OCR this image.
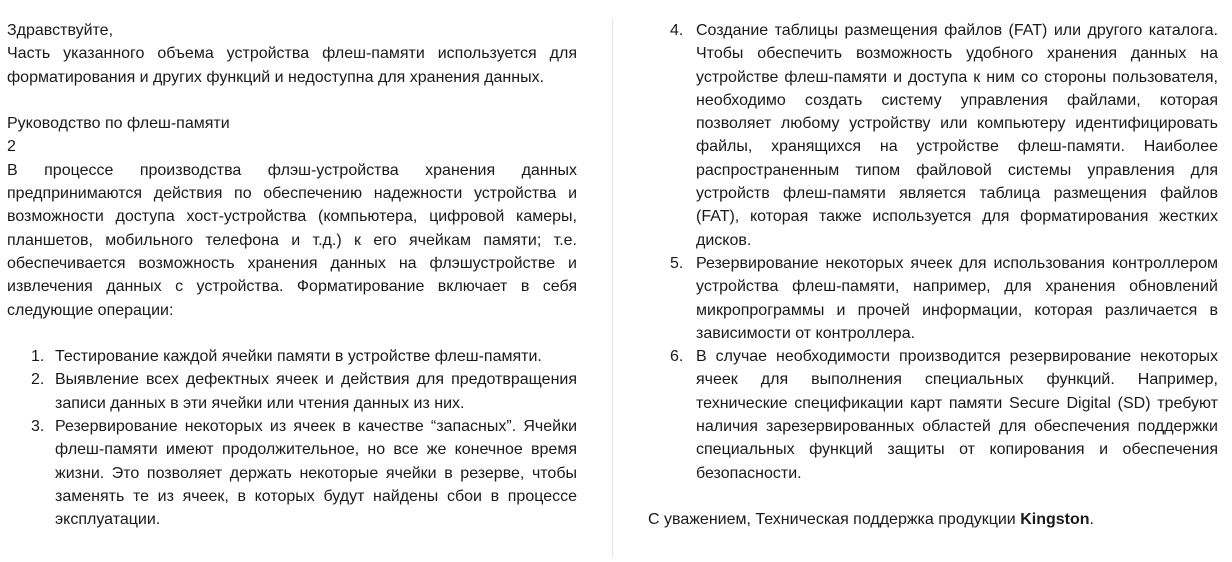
Здравствуйте,

Часть указанного объема устройства флеш-памяти используется для форматирования и других функций и недоступна для хранения данных.

Руководство по флеш-памяти

2

В процессе производства флэш-устройства хранения данных предпринимаются действия по обеспечению надежности устройства и возможности доступа хост-устройства (компьютера, цифровой камеры, планшетов, мобильного телефона и т.д.) к его ячейкам памяти; т.е. обеспечивается возможность хранения данных на флэшустройстве и извлечения данных с устройства. Форматирование включает в себя следующие операции:

1. Тестирование каждой ячейки памяти в устройстве флеш-памяти.
2. Выявление всех дефектных ячеек и действия для предотвращения записи данных в эти ячейки или чтения данных из них.
3. Резервирование некоторых из ячеек в качестве “запасных”. Ячейки флеш-памяти имеют продолжительное, но все же конечное время жизни. Это позволяет держать некоторые ячейки в резерве, чтобы заменять те из ячеек, в которых будут найдены сбои в процессе эксплуатации.
4. Создание таблицы размещения файлов (FAT) или другого каталога. Чтобы обеспечить возможность удобного хранения данных на устройстве флеш-памяти и доступа к ним со стороны пользователя, необходимо создать систему управления файлами, которая позволяет любому устройству или компьютеру идентифицировать файлы, хранящихся на устройстве флеш-памяти. Наиболее распространенным типом файловой системы управления для устройств флеш-памяти является таблица размещения файлов (FAT), которая также используется для форматирования жестких дисков.
5. Резервирование некоторых ячеек для использования контроллером устройства флеш-памяти, например, для хранения обновлений микропрограммы и прочей информации, которая различается в зависимости от контроллера.
6. В случае необходимости производится резервирование некоторых ячеек для выполнения специальных функций. Например, технические спецификации карт памяти Secure Digital (SD) требуют наличия зарезервированных областей для обеспечения поддержки специальных функций защиты от копирования и обеспечения безопасности.

С уважением, Техническая поддержка продукции Kingston.
